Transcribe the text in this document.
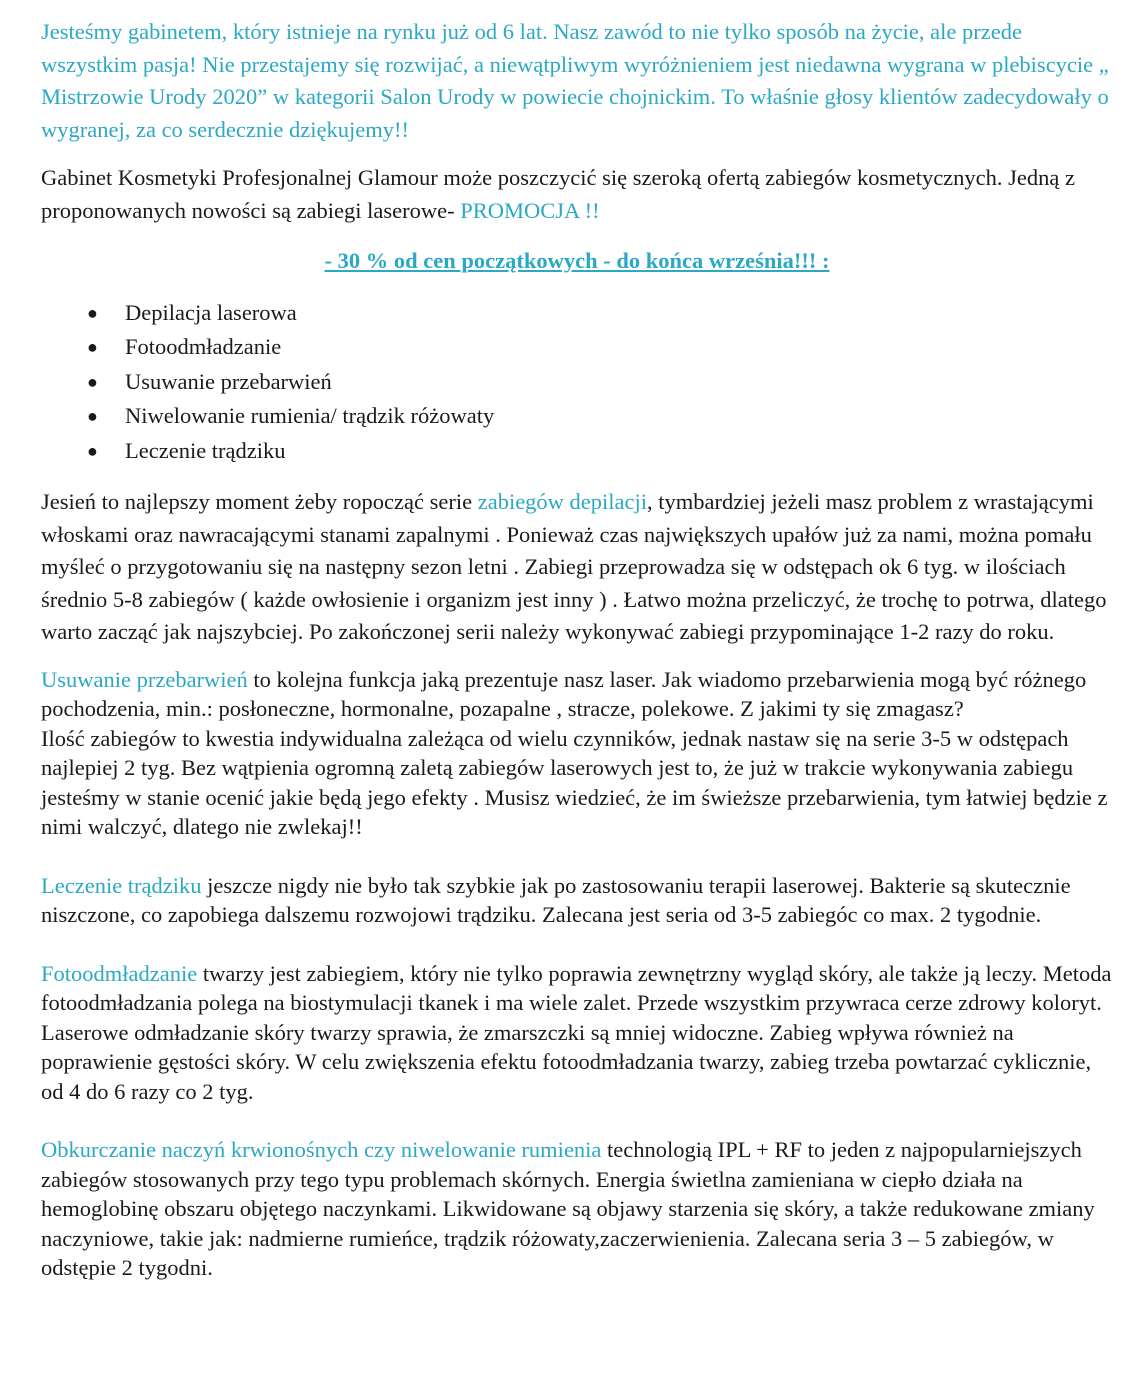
Jesteśmy gabinetem, który istnieje na rynku już od 6 lat. Nasz zawód to nie tylko sposób na życie, ale przede wszystkim pasja! Nie przestajemy się rozwijać, a niewątpliwym wyróżnieniem jest niedawna wygrana w plebiscycie „ Mistrzowie Urody 2020” w kategorii Salon Urody w powiecie chojnickim. To właśnie głosy klientów zadecydowały o wygranej, za co serdecznie dziękujemy!!

Gabinet Kosmetyki Profesjonalnej Glamour może poszczycić się szeroką ofertą zabiegów kosmetycznych. Jedną z proponowanych nowości są zabiegi laserowe- PROMOCJA !!

- 30 % od cen początkowych - do końca września!!! :

● Depilacja laserowa
● Fotoodmładzanie
● Usuwanie przebarwień
● Niwelowanie rumienia/ trądzik różowaty
● Leczenie trądziku

Jesień to najlepszy moment żeby ropocząć serie zabiegów depilacji, tymbardziej jeżeli masz problem z wrastającymi włoskami oraz nawracającymi stanami zapalnymi . Ponieważ czas największych upałów już za nami, można pomału myśleć o przygotowaniu się na następny sezon letni . Zabiegi przeprowadza się w odstępach ok 6 tyg. w ilościach średnio 5-8 zabiegów ( każde owłosienie i organizm jest inny ) . Łatwo można przeliczyć, że trochę to potrwa, dlatego warto zacząć jak najszybciej. Po zakończonej serii należy wykonywać zabiegi przypominające 1-2 razy do roku.

Usuwanie przebarwień to kolejna funkcja jaką prezentuje nasz laser. Jak wiadomo przebarwienia mogą być różnego pochodzenia, min.: posłoneczne, hormonalne, pozapalne , stracze, polekowe. Z jakimi ty się zmagasz?

Ilość zabiegów to kwestia indywidualna zależąca od wielu czynników, jednak nastaw się na serie 3-5 w odstępach najlepiej 2 tyg. Bez wątpienia ogromną zaletą zabiegów laserowych jest to, że już w trakcie wykonywania zabiegu jesteśmy w stanie ocenić jakie będą jego efekty . Musisz wiedzieć, że im świeższe przebarwienia, tym łatwiej będzie z nimi walczyć, dlatego nie zwlekaj!!

Leczenie trądziku jeszcze nigdy nie było tak szybkie jak po zastosowaniu terapii laserowej. Bakterie są skutecznie niszczone, co zapobiega dalszemu rozwojowi trądziku. Zalecana jest seria od 3-5 zabiegóc co max. 2 tygodnie.

Fotoodmładzanie twarzy jest zabiegiem, który nie tylko poprawia zewnętrzny wygląd skóry, ale także ją leczy. Metoda fotoodmładzania polega na biostymulacji tkanek i ma wiele zalet. Przede wszystkim przywraca cerze zdrowy koloryt. Laserowe odmładzanie skóry twarzy sprawia, że zmarszczki są mniej widoczne. Zabieg wpływa również na poprawienie gęstości skóry. W celu zwiększenia efektu fotoodmładzania twarzy, zabieg trzeba powtarzać cyklicznie, od 4 do 6 razy co 2 tyg.

Obkurczanie naczyń krwionośnych czy niwelowanie rumienia technologią IPL + RF to jeden z najpopularniejszych zabiegów stosowanych przy tego typu problemach skórnych. Energia świetlna zamieniana w ciepło działa na hemoglobinę obszaru objętego naczynkami. Likwidowane są objawy starzenia się skóry, a także redukowane zmiany naczyniowe, takie jak: nadmierne rumieńce, trądzik różowaty,zaczerwienienia. Zalecana seria 3 – 5 zabiegów, w odstępie 2 tygodni.
